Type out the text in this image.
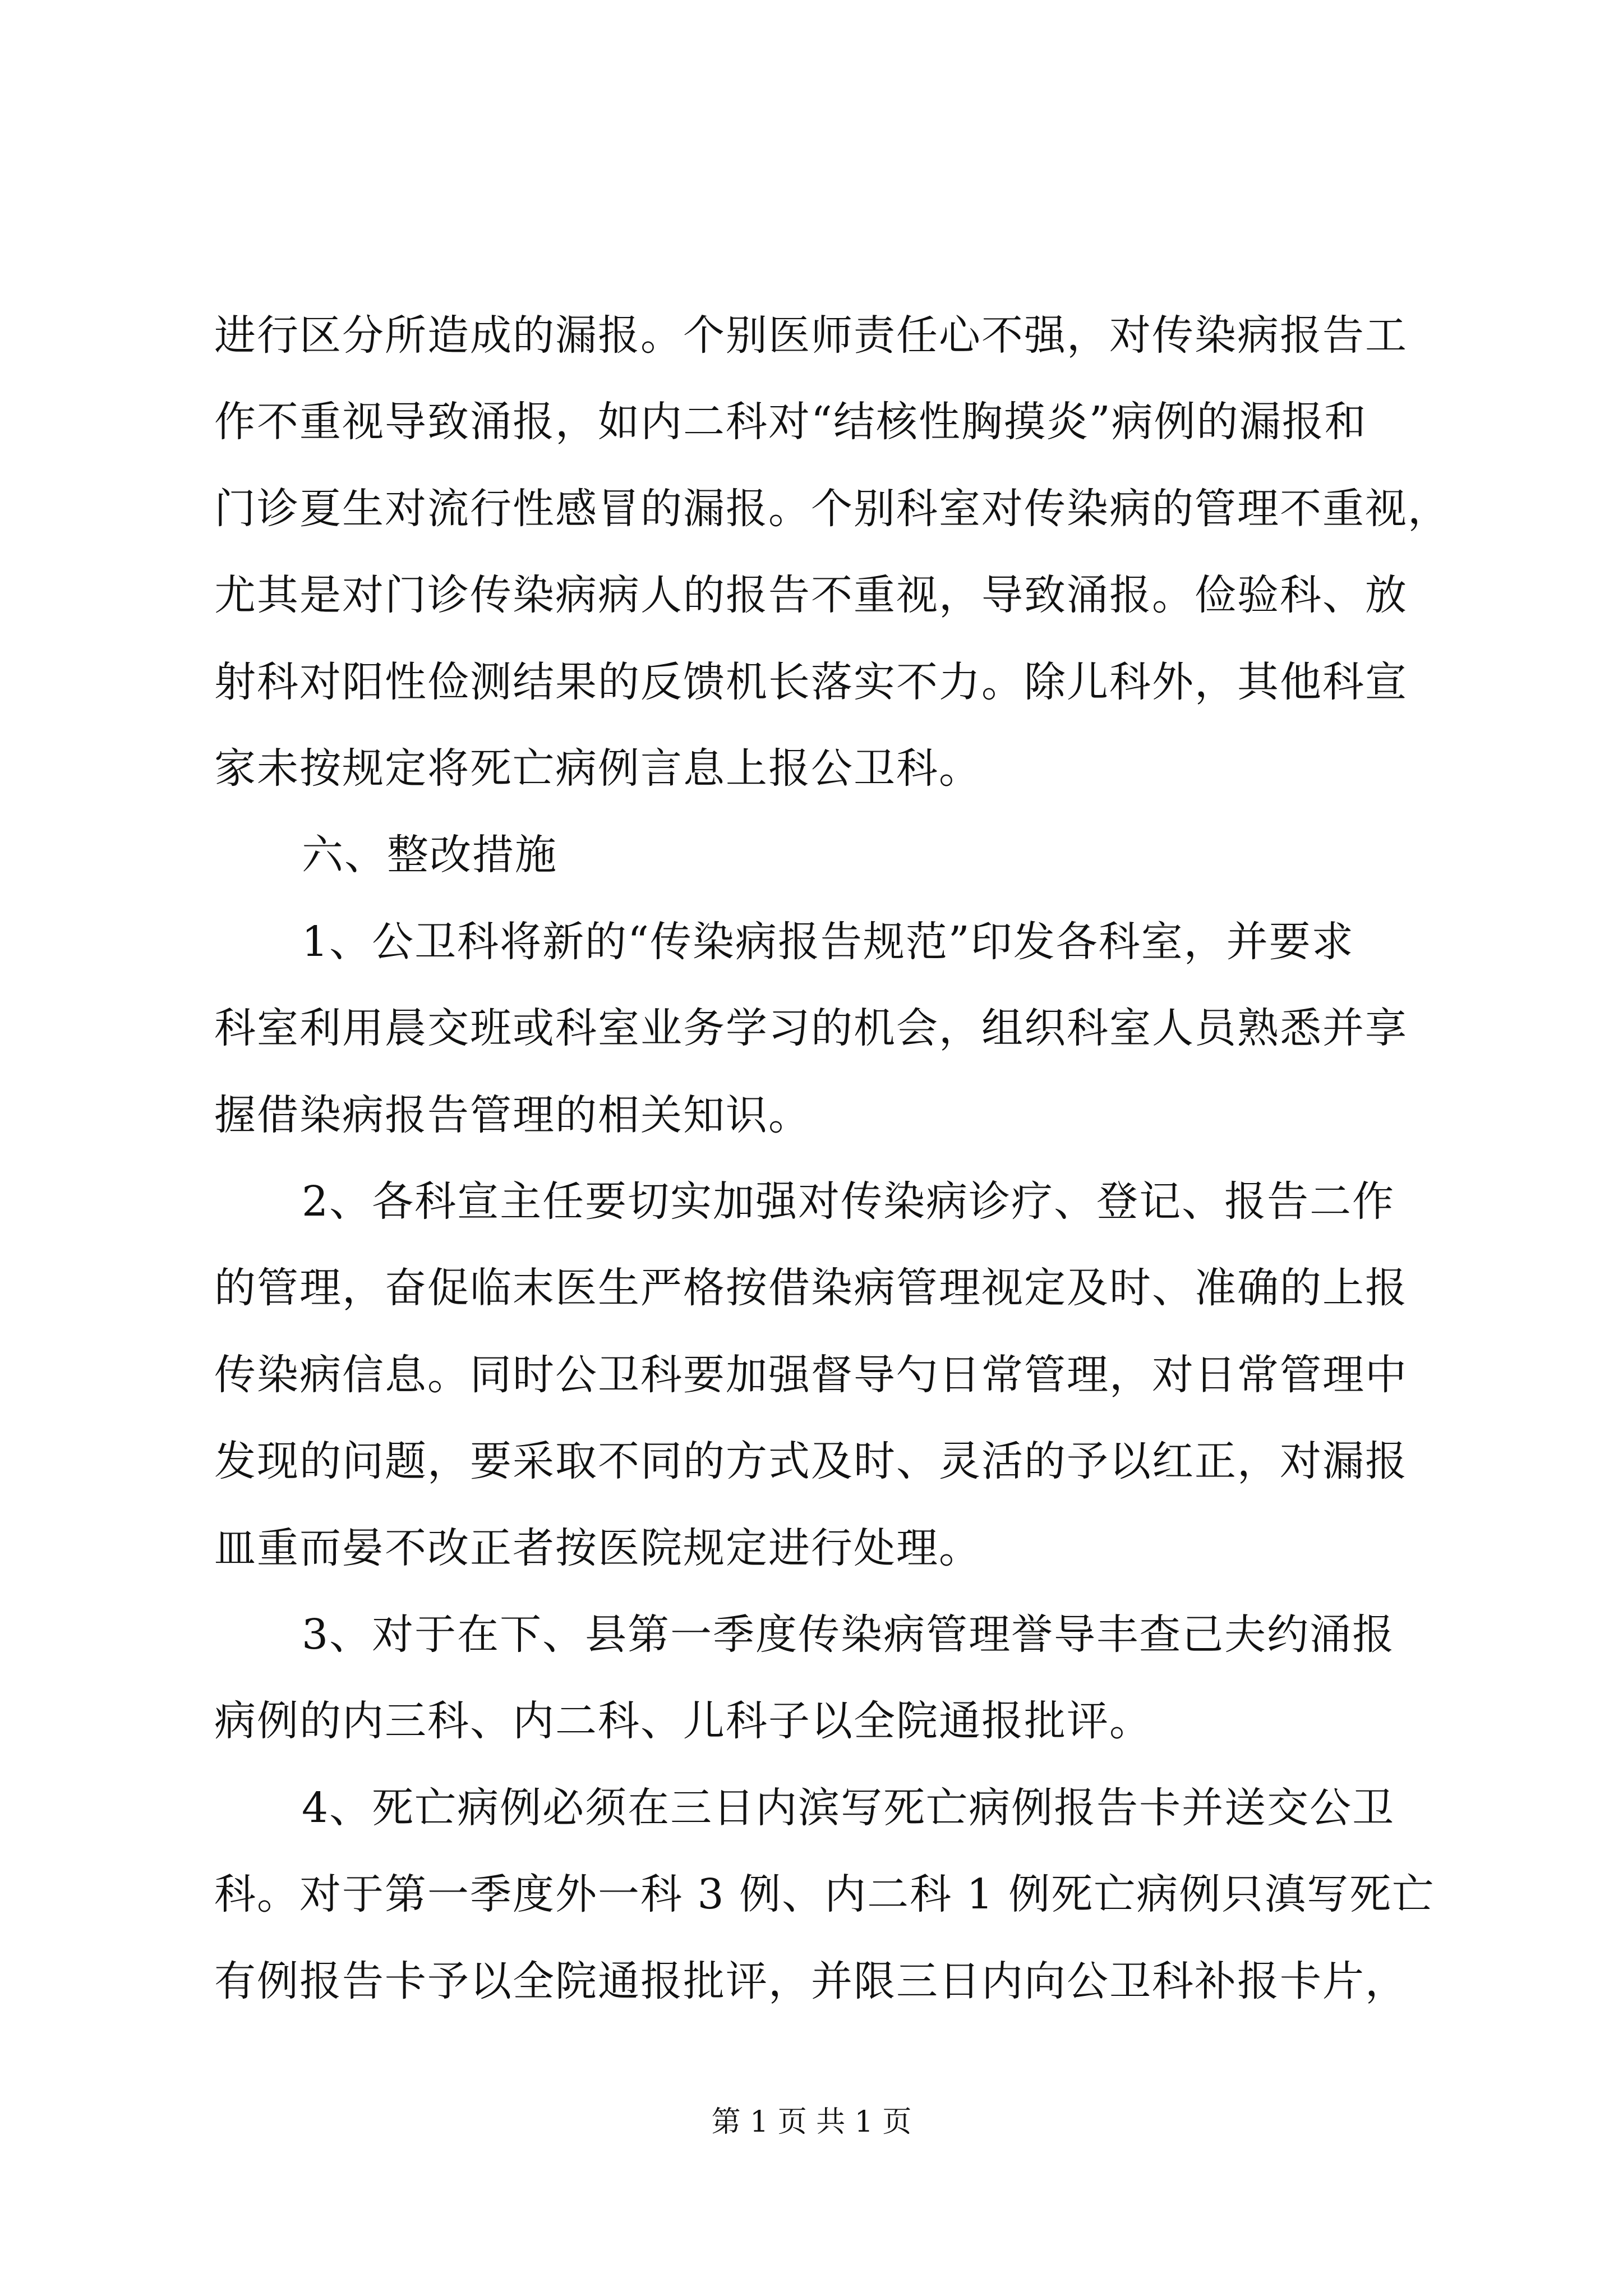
进行区分所造成的漏报。个别医师责任心不强，对传染病报告工
作不重视导致涌报，如内二科对“结核性胸摸炎”病例的漏报和
门诊夏生对流行性感冒的漏报。个别科室对传染病的管理不重视，
尤其是对门诊传染病病人的报告不重视，导致涌报。俭验科、放
射科对阳性俭测结果的反馈机长落实不力。除儿科外，其他科宣
家未按规定将死亡病例言息上报公卫科。
六、整改措施
1、公卫科将新的“传染病报告规范”印发各科室，并要求
科室利用晨交班或科室业务学习的机会，组织科室人员熟悉并享
握借染病报告管理的相关知识。
2、各科宣主任要切实加强对传染病诊疗、登记、报告二作
的管理，奋促临末医生严格按借染病管理视定及时、准确的上报
传染病信息。同时公卫科要加强督导勺日常管理，对日常管理中
发现的问题，要采取不同的方式及时、灵活的予以红正，对漏报
皿重而晏不改正者按医院规定进行处理。
3、对于在下、县第一季度传染病管理誉导丰查己夫约涌报
病例的内三科、内二科、儿科子以全院通报批评。
4、死亡病例必须在三日内滨写死亡病例报告卡并送交公卫
科。对于第一季度外一科 3 例、内二科 1 例死亡病例只滇写死亡
有例报告卡予以全院通报批评，并限三日内向公卫科补报卡片，
第 1 页 共 1 页
